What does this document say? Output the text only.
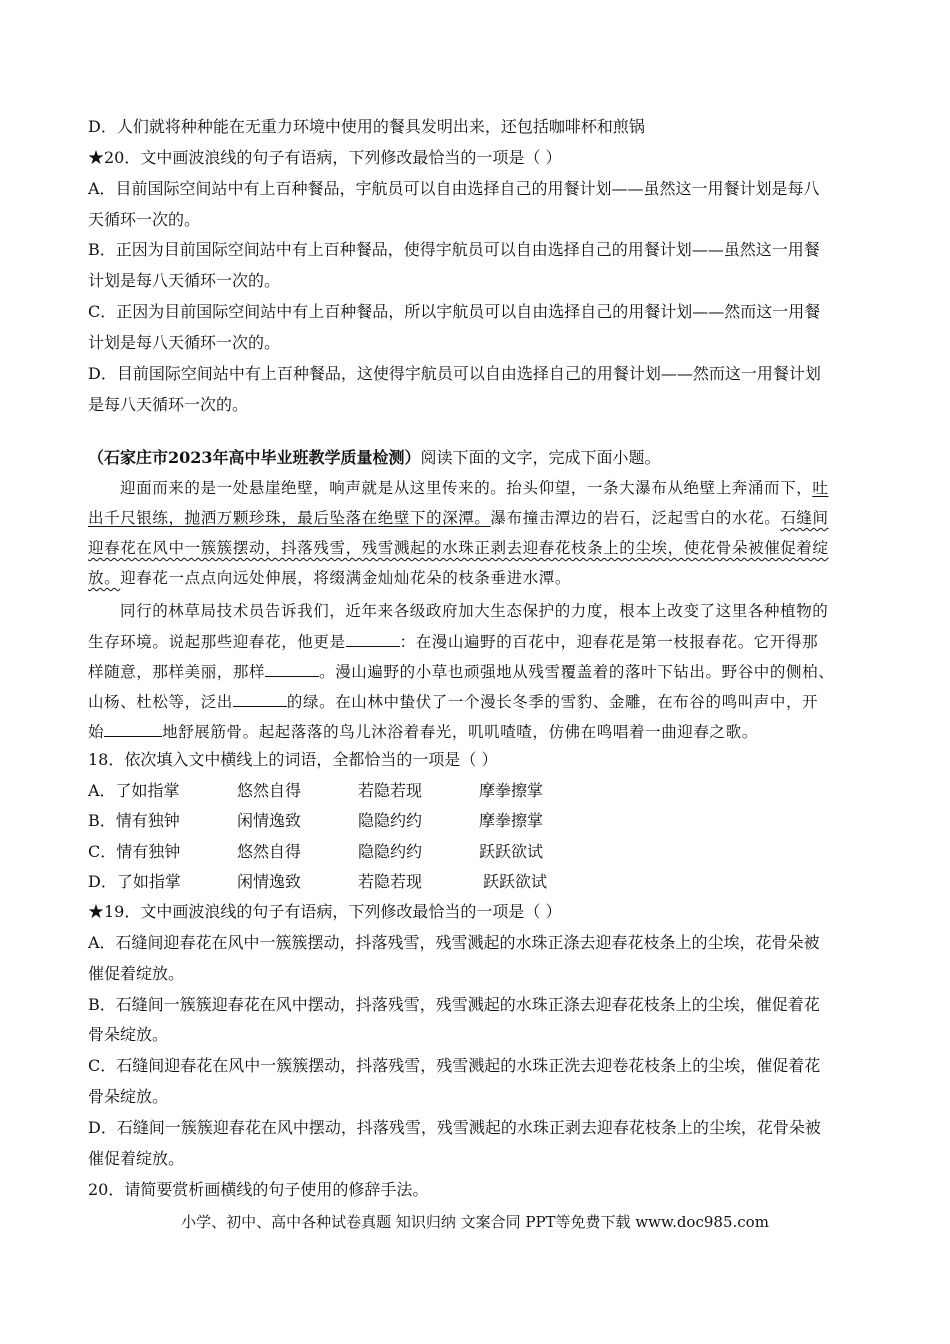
D．人们就将种种能在无重力环境中使用的餐具发明出来，还包括咖啡杯和煎锅
★20．文中画波浪线的句子有语病，下列修改最恰当的一项是（ ）
A．目前国际空间站中有上百种餐品，宇航员可以自由选择自己的用餐计划——虽然这一用餐计划是每八
天循环一次的。
B．正因为目前国际空间站中有上百种餐品，使得宇航员可以自由选择自己的用餐计划——虽然这一用餐
计划是每八天循环一次的。
C．正因为目前国际空间站中有上百种餐品，所以宇航员可以自由选择自己的用餐计划——然而这一用餐
计划是每八天循环一次的。
D．目前国际空间站中有上百种餐品，这使得宇航员可以自由选择自己的用餐计划——然而这一用餐计划
是每八天循环一次的。
（石家庄市2023年高中毕业班教学质量检测）阅读下面的文字，完成下面小题。
迎面而来的是一处悬崖绝壁，响声就是从这里传来的。抬头仰望，一条大瀑布从绝壁上奔涌而下，吐
出千尺银练，抛洒万颗珍珠，最后坠落在绝壁下的深潭。瀑布撞击潭边的岩石，泛起雪白的水花。石缝间
迎春花在风中一簇簇摆动，抖落残雪，残雪溅起的水珠正剥去迎春花枝条上的尘埃，使花骨朵被催促着绽
放。迎春花一点点向远处伸展，将缀满金灿灿花朵的枝条垂进水潭。
同行的林草局技术员告诉我们，近年来各级政府加大生态保护的力度，根本上改变了这里各种植物的
生存环境。说起那些迎春花，他更是	：在漫山遍野的百花中，迎春花是第一枝报春花。它开得那
样随意，那样美丽，那样	。漫山遍野的小草也顽强地从残雪覆盖着的落叶下钻出。野谷中的侧柏、
山杨、杜松等，泛出	的绿。在山林中蛰伏了一个漫长冬季的雪豹、金雕，在布谷的鸣叫声中，开
始	地舒展筋骨。起起落落的鸟儿沐浴着春光，叽叽喳喳，仿佛在鸣唱着一曲迎春之歌。
18．依次填入文中横线上的词语，全都恰当的一项是（ ）
A．了如指掌	悠然自得	若隐若现	摩拳擦掌
B．情有独钟	闲情逸致	隐隐约约	摩拳擦掌
C．情有独钟	悠然自得	隐隐约约	跃跃欲试
D．了如指掌	闲情逸致	若隐若现	跃跃欲试
★19．文中画波浪线的句子有语病，下列修改最恰当的一项是（ ）
A．石缝间迎春花在风中一簇簇摆动，抖落残雪，残雪溅起的水珠正涤去迎春花枝条上的尘埃，花骨朵被
催促着绽放。
B．石缝间一簇簇迎春花在风中摆动，抖落残雪，残雪溅起的水珠正涤去迎春花枝条上的尘埃，催促着花
骨朵绽放。
C．石缝间迎春花在风中一簇簇摆动，抖落残雪，残雪溅起的水珠正洗去迎卷花枝条上的尘埃，催促着花
骨朵绽放。
D．石缝间一簇簇迎春花在风中摆动，抖落残雪，残雪溅起的水珠正剥去迎春花枝条上的尘埃，花骨朵被
催促着绽放。
20．请简要赏析画横线的句子使用的修辞手法。
小学、初中、高中各种试卷真题 知识归纳 文案合同 PPT等免费下载 www.doc985.com
